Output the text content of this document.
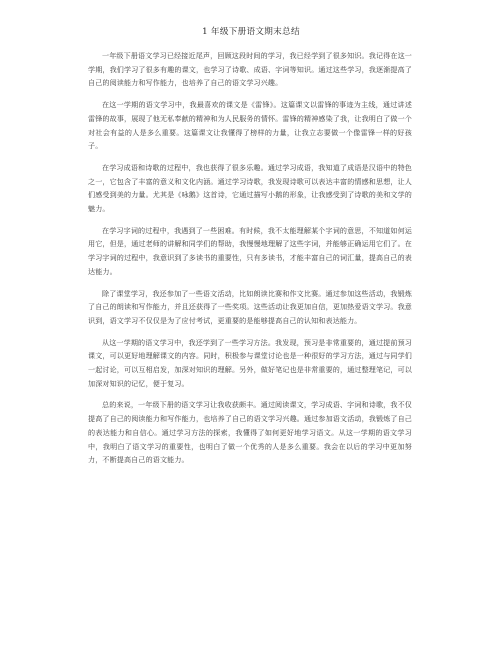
1 年级下册语文期末总结

一年级下册语文学习已经接近尾声，回顾这段时间的学习，我已经学到了很多知识。我记得在这一学期，我们学习了很多有趣的课文，也学习了诗歌、成语、字词等知识。通过这些学习，我逐渐提高了自己的阅读能力和写作能力，也培养了自己的语文学习兴趣。

在这一学期的语文学习中，我最喜欢的课文是《雷锋》。这篇课文以雷锋的事迹为主线，通过讲述雷锋的故事，展现了他无私奉献的精神和为人民服务的情怀。雷锋的精神感染了我，让我明白了做一个对社会有益的人是多么重要。这篇课文让我懂得了榜样的力量，让我立志要做一个像雷锋一样的好孩子。

在学习成语和诗歌的过程中，我也获得了很多乐趣。通过学习成语，我知道了成语是汉语中的特色之一，它包含了丰富的意义和文化内涵。通过学习诗歌，我发现诗歌可以表达丰富的情感和思想，让人们感受到美的力量。尤其是《咏鹅》这首诗，它通过描写小鹅的形象，让我感受到了诗歌的美和文学的魅力。

在学习字词的过程中，我遇到了一些困难。有时候，我不太能理解某个字词的意思，不知道如何运用它，但是，通过老师的讲解和同学们的帮助，我慢慢地理解了这些字词，并能够正确运用它们了。在学习字词的过程中，我意识到了多读书的重要性，只有多读书，才能丰富自己的词汇量，提高自己的表达能力。

除了课堂学习，我还参加了一些语文活动，比如朗读比赛和作文比赛。通过参加这些活动，我锻炼了自己的朗读和写作能力，并且还获得了一些奖项。这些活动让我更加自信，更加热爱语文学习。我意识到，语文学习不仅仅是为了应付考试，更重要的是能够提高自己的认知和表达能力。

从这一学期的语文学习中，我还学到了一些学习方法。我发现，预习是非常重要的，通过提前预习课文，可以更好地理解课文的内容。同时，积极参与课堂讨论也是一种很好的学习方法，通过与同学们一起讨论，可以互相启发，加深对知识的理解。另外，做好笔记也是非常重要的，通过整理笔记，可以加深对知识的记忆，便于复习。

总的来说，一年级下册的语文学习让我收获颇丰。通过阅读课文，学习成语、字词和诗歌，我不仅提高了自己的阅读能力和写作能力，也培养了自己的语文学习兴趣。通过参加语文活动，我锻炼了自己的表达能力和自信心。通过学习方法的探索，我懂得了如何更好地学习语文。从这一学期的语文学习中，我明白了语文学习的重要性，也明白了做一个优秀的人是多么重要。我会在以后的学习中更加努力，不断提高自己的语文能力。
